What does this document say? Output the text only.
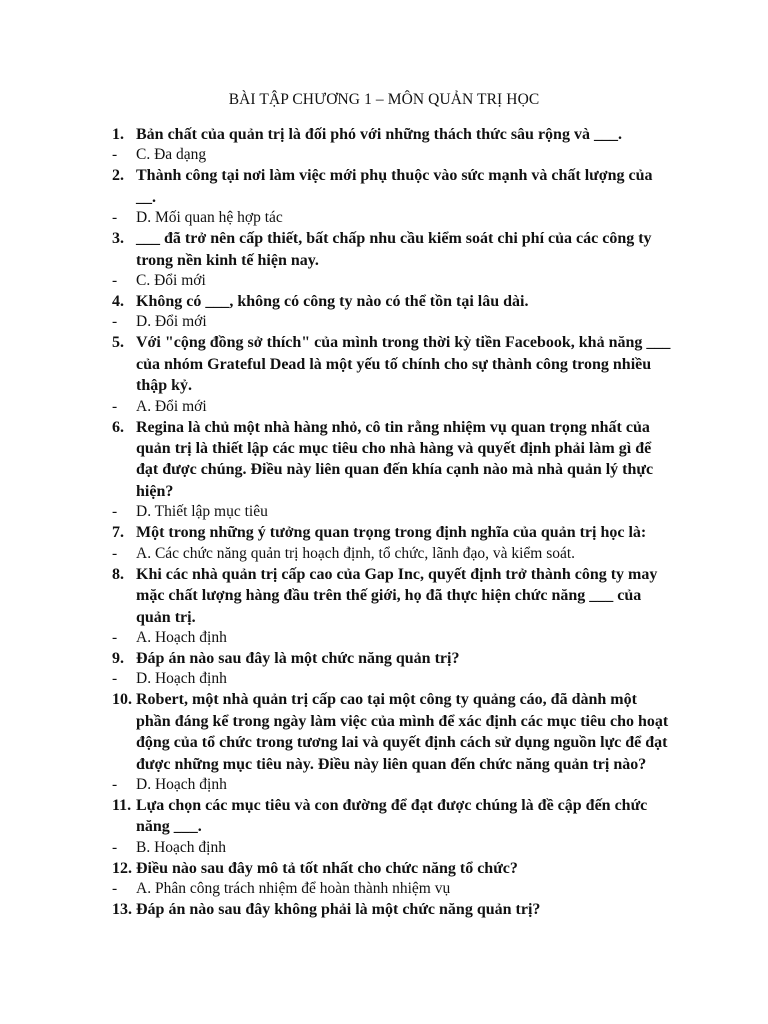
BÀI TẬP CHƯƠNG 1 – MÔN QUẢN TRỊ HỌC
1. Bản chất của quản trị là đối phó với những thách thức sâu rộng và ___.
-	C. Đa dạng
2. Thành công tại nơi làm việc mới phụ thuộc vào sức mạnh và chất lượng của __.
-	D. Mối quan hệ hợp tác
3. ___ đã trở nên cấp thiết, bất chấp nhu cầu kiểm soát chi phí của các công ty trong nền kinh tế hiện nay.
-	C. Đổi mới
4. Không có ___, không có công ty nào có thể tồn tại lâu dài.
-	D. Đổi mới
5. Với "cộng đồng sở thích" của mình trong thời kỳ tiền Facebook, khả năng ___ của nhóm Grateful Dead là một yếu tố chính cho sự thành công trong nhiều thập kỷ.
-	A. Đổi mới
6. Regina là chủ một nhà hàng nhỏ, cô tin rằng nhiệm vụ quan trọng nhất của quản trị là thiết lập các mục tiêu cho nhà hàng và quyết định phải làm gì để đạt được chúng. Điều này liên quan đến khía cạnh nào mà nhà quản lý thực hiện?
-	D. Thiết lập mục tiêu
7. Một trong những ý tưởng quan trọng trong định nghĩa của quản trị học là:
-	A. Các chức năng quản trị hoạch định, tổ chức, lãnh đạo, và kiểm soát.
8. Khi các nhà quản trị cấp cao của Gap Inc, quyết định trở thành công ty may mặc chất lượng hàng đầu trên thế giới, họ đã thực hiện chức năng ___ của quản trị.
-	A. Hoạch định
9. Đáp án nào sau đây là một chức năng quản trị?
-	D. Hoạch định
10. Robert, một nhà quản trị cấp cao tại một công ty quảng cáo, đã dành một phần đáng kể trong ngày làm việc của mình để xác định các mục tiêu cho hoạt động của tổ chức trong tương lai và quyết định cách sử dụng nguồn lực để đạt được những mục tiêu này. Điều này liên quan đến chức năng quản trị nào?
-	D. Hoạch định
11. Lựa chọn các mục tiêu và con đường để đạt được chúng là đề cập đến chức năng ___.
-	B. Hoạch định
12. Điều nào sau đây mô tả tốt nhất cho chức năng tổ chức?
-	A. Phân công trách nhiệm để hoàn thành nhiệm vụ
13. Đáp án nào sau đây không phải là một chức năng quản trị?
